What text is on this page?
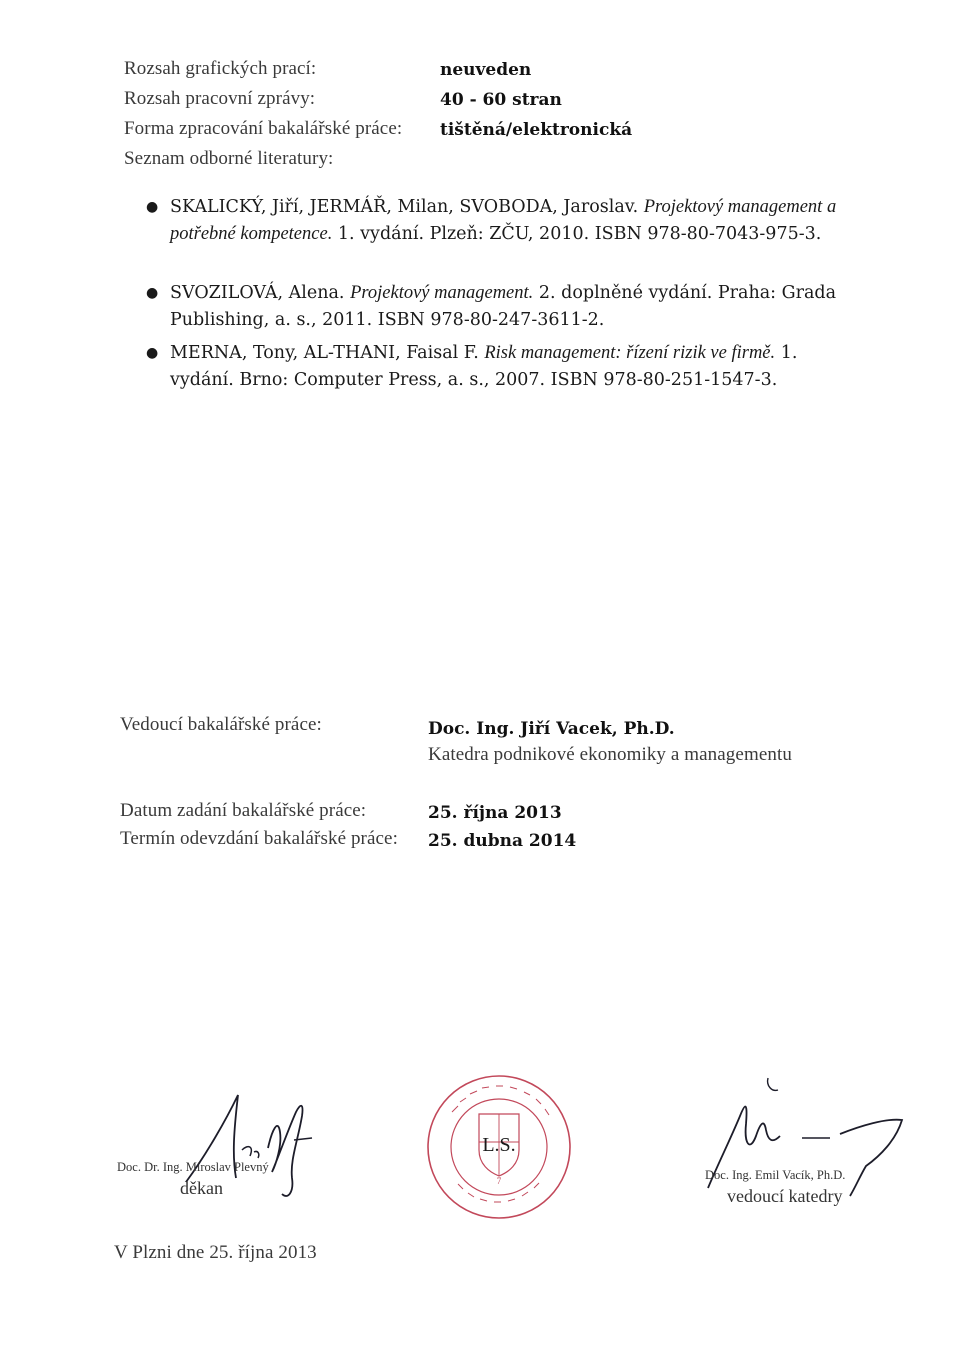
Rozsah grafických prací:	neuveden
Rozsah pracovní zprávy:	40 - 60 stran
Forma zpracování bakalářské práce: tištěná/elektronická
Seznam odborné literatury:
● SKALICKÝ, Jiří, JERMÁŘ, Milan, SVOBODA, Jaroslav. Projektový management a potřebné kompetence. 1. vydání. Plzeň: ZČU, 2010. ISBN 978-80-7043-975-3.
● SVOZILOVÁ, Alena. Projektový management. 2. doplněné vydání. Praha: Grada Publishing, a. s., 2011. ISBN 978-80-247-3611-2.
● MERNA, Tony, AL-THANI, Faisal F. Risk management: řízení rizik ve firmě. 1. vydání. Brno: Computer Press, a. s., 2007. ISBN 978-80-251-1547-3.
Vedoucí bakalářské práce:	Doc. Ing. Jiří Vacek, Ph.D.
Katedra podnikové ekonomiky a managementu
Datum zadání bakalářské práce:	25. října 2013
Termín odevzdání bakalářské práce: 25. dubna 2014
Doc. Dr. Ing. Miroslav Plevný
děkan
L.S.
7	Doc. Ing. Emil Vacík, Ph.D.
vedoucí katedry
V Plzni dne 25. října 2013
